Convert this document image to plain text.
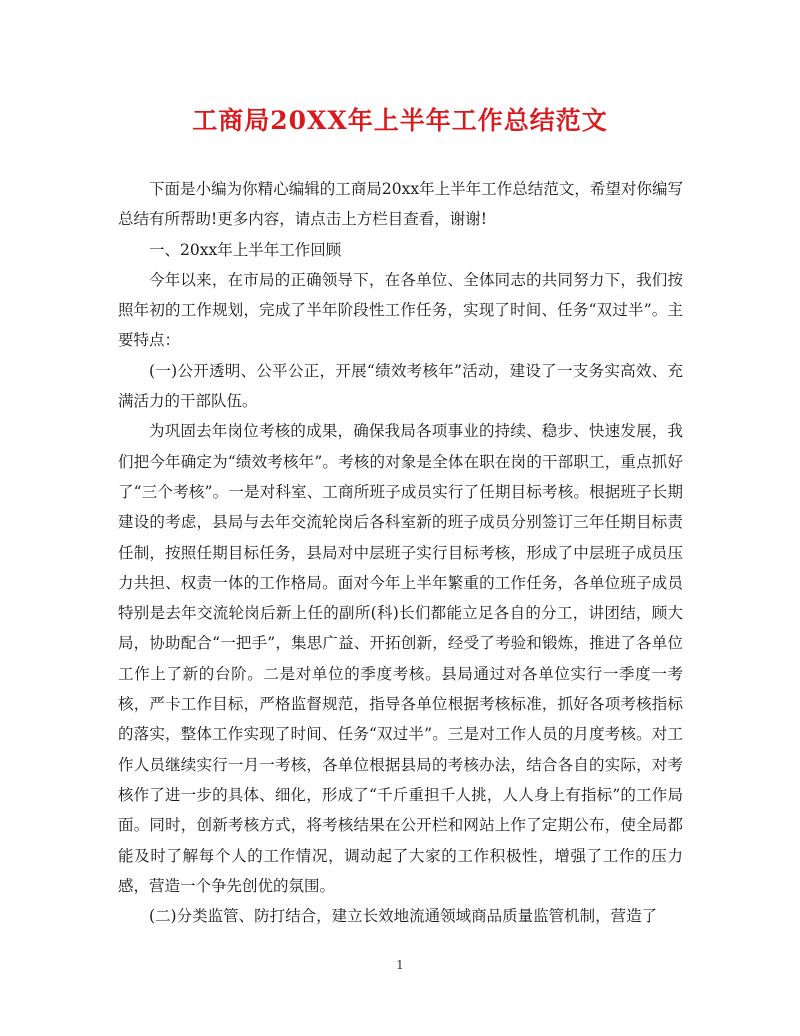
工商局20XX年上半年工作总结范文

下面是小编为你精心编辑的工商局20xx年上半年工作总结范文，希望对你编写总结有所帮助!更多内容，请点击上方栏目查看，谢谢!

一、20xx年上半年工作回顾

今年以来，在市局的正确领导下，在各单位、全体同志的共同努力下，我们按照年初的工作规划，完成了半年阶段性工作任务，实现了时间、任务“双过半”。主要特点：

(一)公开透明、公平公正，开展“绩效考核年”活动，建设了一支务实高效、充满活力的干部队伍。

为巩固去年岗位考核的成果，确保我局各项事业的持续、稳步、快速发展，我们把今年确定为“绩效考核年”。考核的对象是全体在职在岗的干部职工，重点抓好了“三个考核”。一是对科室、工商所班子成员实行了任期目标考核。根据班子长期建设的考虑，县局与去年交流轮岗后各科室新的班子成员分别签订三年任期目标责任制，按照任期目标任务，县局对中层班子实行目标考核，形成了中层班子成员压力共担、权责一体的工作格局。面对今年上半年繁重的工作任务，各单位班子成员特别是去年交流轮岗后新上任的副所(科)长们都能立足各自的分工，讲团结，顾大局，协助配合“一把手”，集思广益、开拓创新，经受了考验和锻炼，推进了各单位工作上了新的台阶。二是对单位的季度考核。县局通过对各单位实行一季度一考核，严卡工作目标，严格监督规范，指导各单位根据考核标准，抓好各项考核指标的落实，整体工作实现了时间、任务“双过半”。三是对工作人员的月度考核。对工作人员继续实行一月一考核，各单位根据县局的考核办法，结合各自的实际，对考核作了进一步的具体、细化，形成了“千斤重担千人挑，人人身上有指标”的工作局面。同时，创新考核方式，将考核结果在公开栏和网站上作了定期公布，使全局都能及时了解每个人的工作情况，调动起了大家的工作积极性，增强了工作的压力感，营造一个争先创优的氛围。

(二)分类监管、防打结合，建立长效地流通领域商品质量监管机制，营造了

1
